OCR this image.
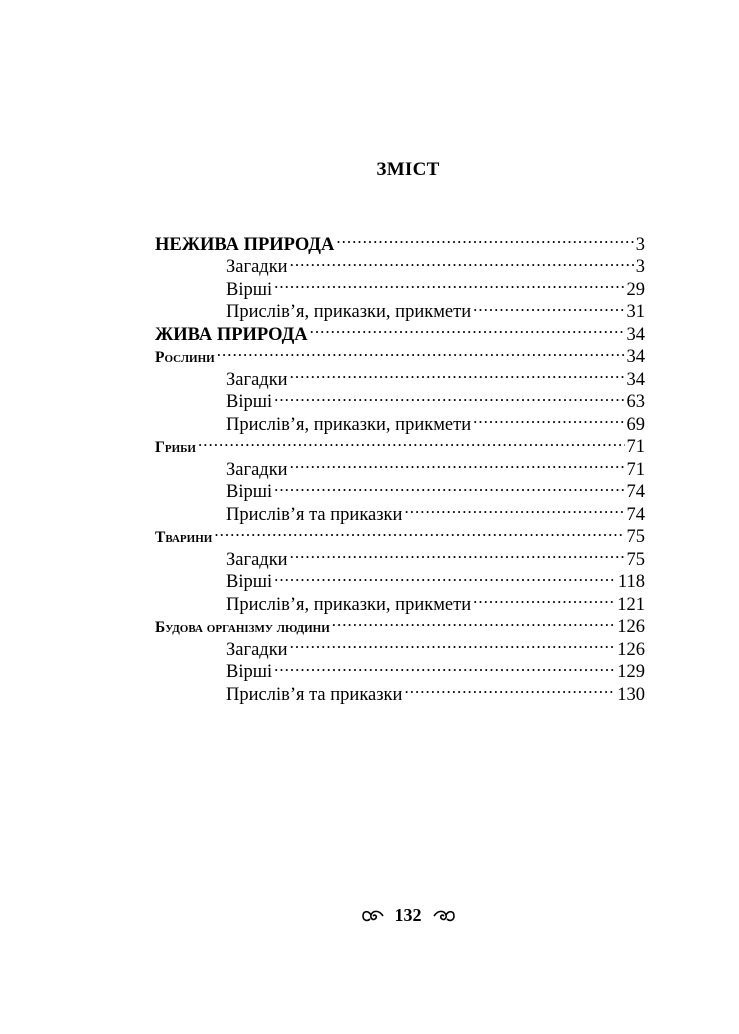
ЗМІСТ
НЕЖИВА ПРИРОДА .....	3
Загадки .....	3
Вірші .....	29
Прислів’я, приказки, прикмети .....	31
ЖИВА ПРИРОДА .....	34
Рослини .....	34
Загадки .....	34
Вірші .....	63
Прислів’я, приказки, прикмети .....	69
Гриби .....	71
Загадки .....	71
Вірші .....	74
Прислів’я та приказки .....	74
Тварини .....	75
Загадки .....	75
Вірші .....	118
Прислів’я, приказки, прикмети .....	121
Будова організму людини .....	126
Загадки .....	126
Вірші .....	129
Прислів’я та приказки .....	130
132
